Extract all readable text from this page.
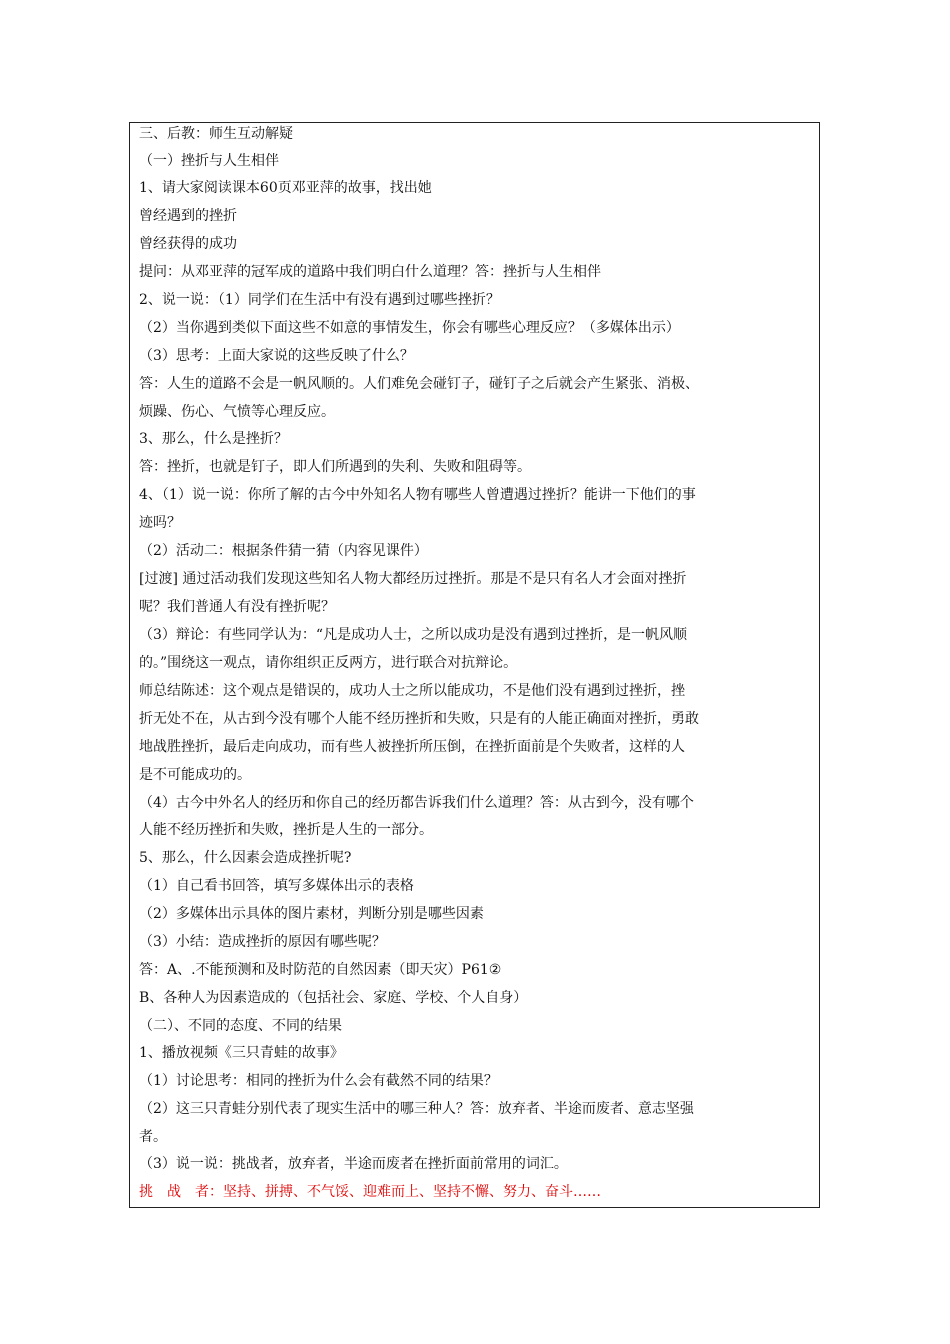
三、后教：师生互动解疑
（一）挫折与人生相伴
1、请大家阅读课本60页邓亚萍的故事，找出她
曾经遇到的挫折
曾经获得的成功
提问：从邓亚萍的冠军成的道路中我们明白什么道理？答：挫折与人生相伴
2、说一说：（1）同学们在生活中有没有遇到过哪些挫折？
（2）当你遇到类似下面这些不如意的事情发生，你会有哪些心理反应？（多媒体出示）
（3）思考：上面大家说的这些反映了什么？
答：人生的道路不会是一帆风顺的。人们难免会碰钉子，碰钉子之后就会产生紧张、消极、
烦躁、伤心、气愤等心理反应。
3、那么，什么是挫折？
答：挫折，也就是钉子，即人们所遇到的失利、失败和阻碍等。
4、（1）说一说：你所了解的古今中外知名人物有哪些人曾遭遇过挫折？能讲一下他们的事
迹吗？
（2）活动二：根据条件猜一猜（内容见课件）
[过渡] 通过活动我们发现这些知名人物大都经历过挫折。那是不是只有名人才会面对挫折
呢？我们普通人有没有挫折呢？
（3）辩论：有些同学认为：“凡是成功人士，之所以成功是没有遇到过挫折，是一帆风顺
的。”围绕这一观点，请你组织正反两方，进行联合对抗辩论。
师总结陈述：这个观点是错误的，成功人士之所以能成功，不是他们没有遇到过挫折，挫
折无处不在，从古到今没有哪个人能不经历挫折和失败，只是有的人能正确面对挫折，勇敢
地战胜挫折，最后走向成功，而有些人被挫折所压倒，在挫折面前是个失败者，这样的人
是不可能成功的。
（4）古今中外名人的经历和你自己的经历都告诉我们什么道理？答：从古到今，没有哪个
人能不经历挫折和失败，挫折是人生的一部分。
5、那么，什么因素会造成挫折呢?
（1）自己看书回答，填写多媒体出示的表格
（2）多媒体出示具体的图片素材，判断分别是哪些因素
（3）小结：造成挫折的原因有哪些呢？
答：A、.不能预测和及时防范的自然因素（即天灾）P61②
B、各种人为因素造成的（包括社会、家庭、学校、个人自身）
（二）、不同的态度、不同的结果
1、播放视频《三只青蛙的故事》
（1）讨论思考：相同的挫折为什么会有截然不同的结果？
（2）这三只青蛙分别代表了现实生活中的哪三种人？答：放弃者、半途而废者、意志坚强
者。
（3）说一说：挑战者，放弃者，半途而废者在挫折面前常用的词汇。
挑　战　者：坚持、拼搏、不气馁、迎难而上、坚持不懈、努力、奋斗……
